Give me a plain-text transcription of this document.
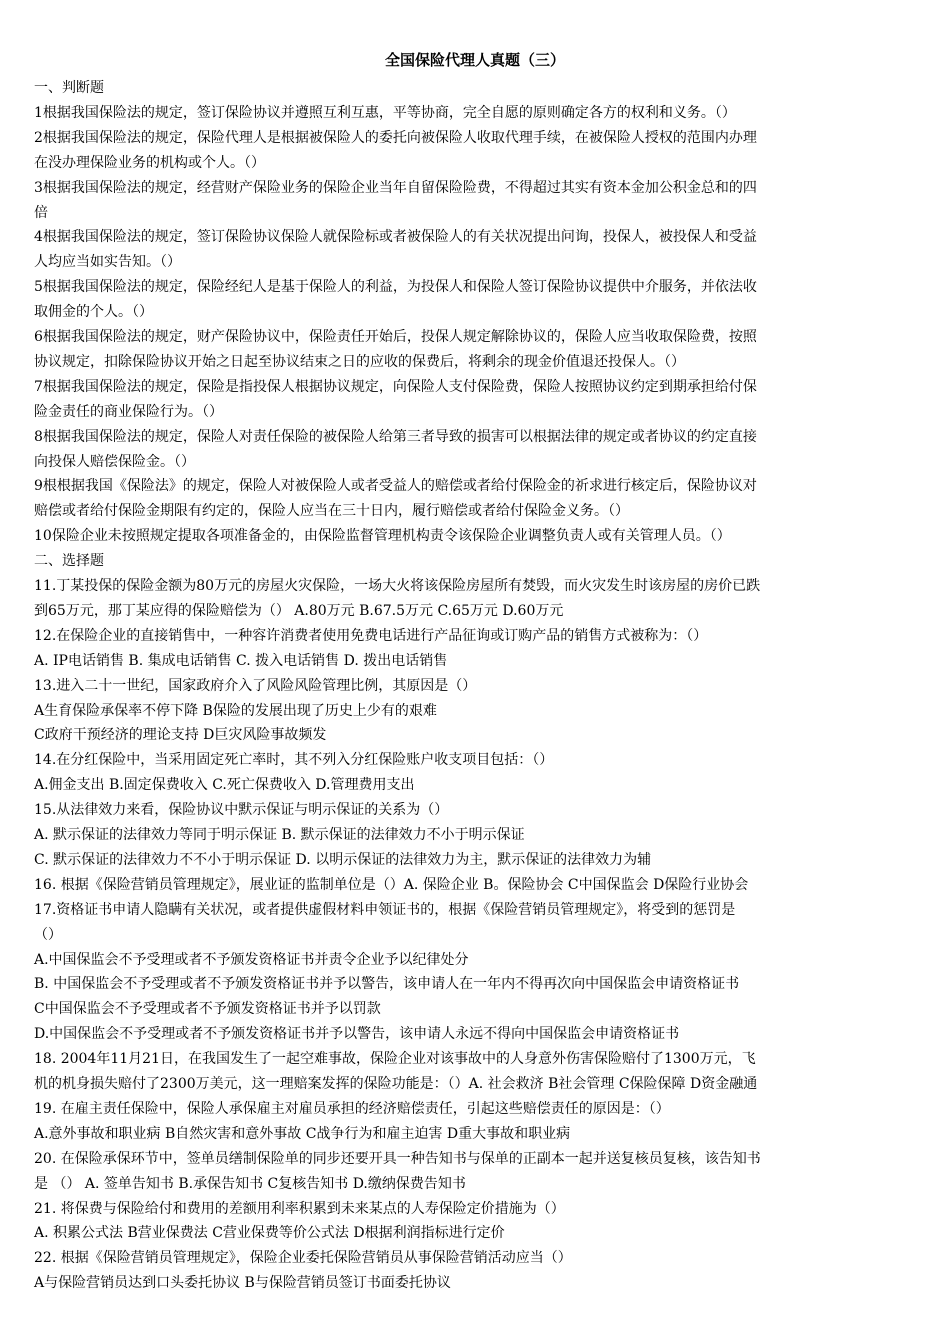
全国保险代理人真题（三）
一、判断题
1根据我国保险法的规定，签订保险协议并遵照互利互惠，平等协商，完全自愿的原则确定各方的权利和义务。（）
2根据我国保险法的规定，保险代理人是根据被保险人的委托向被保险人收取代理手续，在被保险人授权的范围内办理
在没办理保险业务的机构或个人。（）
3根据我国保险法的规定，经营财产保险业务的保险企业当年自留保险险费，不得超过其实有资本金加公积金总和的四
倍
4根据我国保险法的规定，签订保险协议保险人就保险标或者被保险人的有关状况提出问询，投保人，被投保人和受益
人均应当如实告知。（）
5根据我国保险法的规定，保险经纪人是基于保险人的利益，为投保人和保险人签订保险协议提供中介服务，并依法收
取佣金的个人。（）
6根据我国保险法的规定，财产保险协议中，保险责任开始后，投保人规定解除协议的，保险人应当收取保险费，按照
协议规定，扣除保险协议开始之日起至协议结束之日的应收的保费后，将剩余的现金价值退还投保人。（）
7根据我国保险法的规定，保险是指投保人根据协议规定，向保险人支付保险费，保险人按照协议约定到期承担给付保
险金责任的商业保险行为。（）
8根据我国保险法的规定，保险人对责任保险的被保险人给第三者导致的损害可以根据法律的规定或者协议的约定直接
向投保人赔偿保险金。（）
9根根据我国《保险法》的规定，保险人对被保险人或者受益人的赔偿或者给付保险金的祈求进行核定后，保险协议对
赔偿或者给付保险金期限有约定的，保险人应当在三十日内，履行赔偿或者给付保险金义务。（）
10保险企业未按照规定提取各项准备金的，由保险监督管理机构责令该保险企业调整负责人或有关管理人员。（）
二、选择题
11.丁某投保的保险金额为80万元的房屋火灾保险，一场大火将该保险房屋所有焚毁，而火灾发生时该房屋的房价已跌
到65万元，那丁某应得的保险赔偿为（） A.80万元 B.67.5万元 C.65万元 D.60万元
12.在保险企业的直接销售中，一种容许消费者使用免费电话进行产品征询或订购产品的销售方式被称为：（）
A. IP电话销售 B. 集成电话销售 C. 拨入电话销售 D. 拨出电话销售
13.进入二十一世纪，国家政府介入了风险风险管理比例，其原因是（）
A生育保险承保率不停下降 B保险的发展出现了历史上少有的艰难
C政府干预经济的理论支持 D巨灾风险事故频发
14.在分红保险中，当采用固定死亡率时，其不列入分红保险账户收支项目包括：（）
A.佣金支出 B.固定保费收入 C.死亡保费收入 D.管理费用支出
15.从法律效力来看，保险协议中默示保证与明示保证的关系为（）
A. 默示保证的法律效力等同于明示保证 B. 默示保证的法律效力不小于明示保证
C. 默示保证的法律效力不不小于明示保证 D. 以明示保证的法律效力为主，默示保证的法律效力为辅
16. 根据《保险营销员管理规定》，展业证的监制单位是（）A. 保险企业 B。保险协会 C中国保监会 D保险行业协会
17.资格证书申请人隐瞒有关状况，或者提供虚假材料申领证书的，根据《保险营销员管理规定》，将受到的惩罚是
（）
A.中国保监会不予受理或者不予颁发资格证书并责令企业予以纪律处分
B. 中国保监会不予受理或者不予颁发资格证书并予以警告，该申请人在一年内不得再次向中国保监会申请资格证书
C中国保监会不予受理或者不予颁发资格证书并予以罚款
D.中国保监会不予受理或者不予颁发资格证书并予以警告，该申请人永远不得向中国保监会申请资格证书
18. 2004年11月21日，在我国发生了一起空难事故，保险企业对该事故中的人身意外伤害保险赔付了1300万元，飞
机的机身损失赔付了2300万美元，这一理赔案发挥的保险功能是：（）A. 社会救济 B社会管理 C保险保障 D资金融通
19. 在雇主责任保险中，保险人承保雇主对雇员承担的经济赔偿责任，引起这些赔偿责任的原因是：（）
A.意外事故和职业病 B自然灾害和意外事故 C战争行为和雇主迫害 D重大事故和职业病
20. 在保险承保环节中，签单员缮制保险单的同步还要开具一种告知书与保单的正副本一起并送复核员复核，该告知书
是 （） A. 签单告知书 B.承保告知书 C复核告知书 D.缴纳保费告知书
21. 将保费与保险给付和费用的差额用利率积累到未来某点的人寿保险定价措施为（）
A. 积累公式法 B营业保费法 C营业保费等价公式法 D根据利润指标进行定价
22. 根据《保险营销员管理规定》，保险企业委托保险营销员从事保险营销活动应当（）
A与保险营销员达到口头委托协议 B与保险营销员签订书面委托协议
